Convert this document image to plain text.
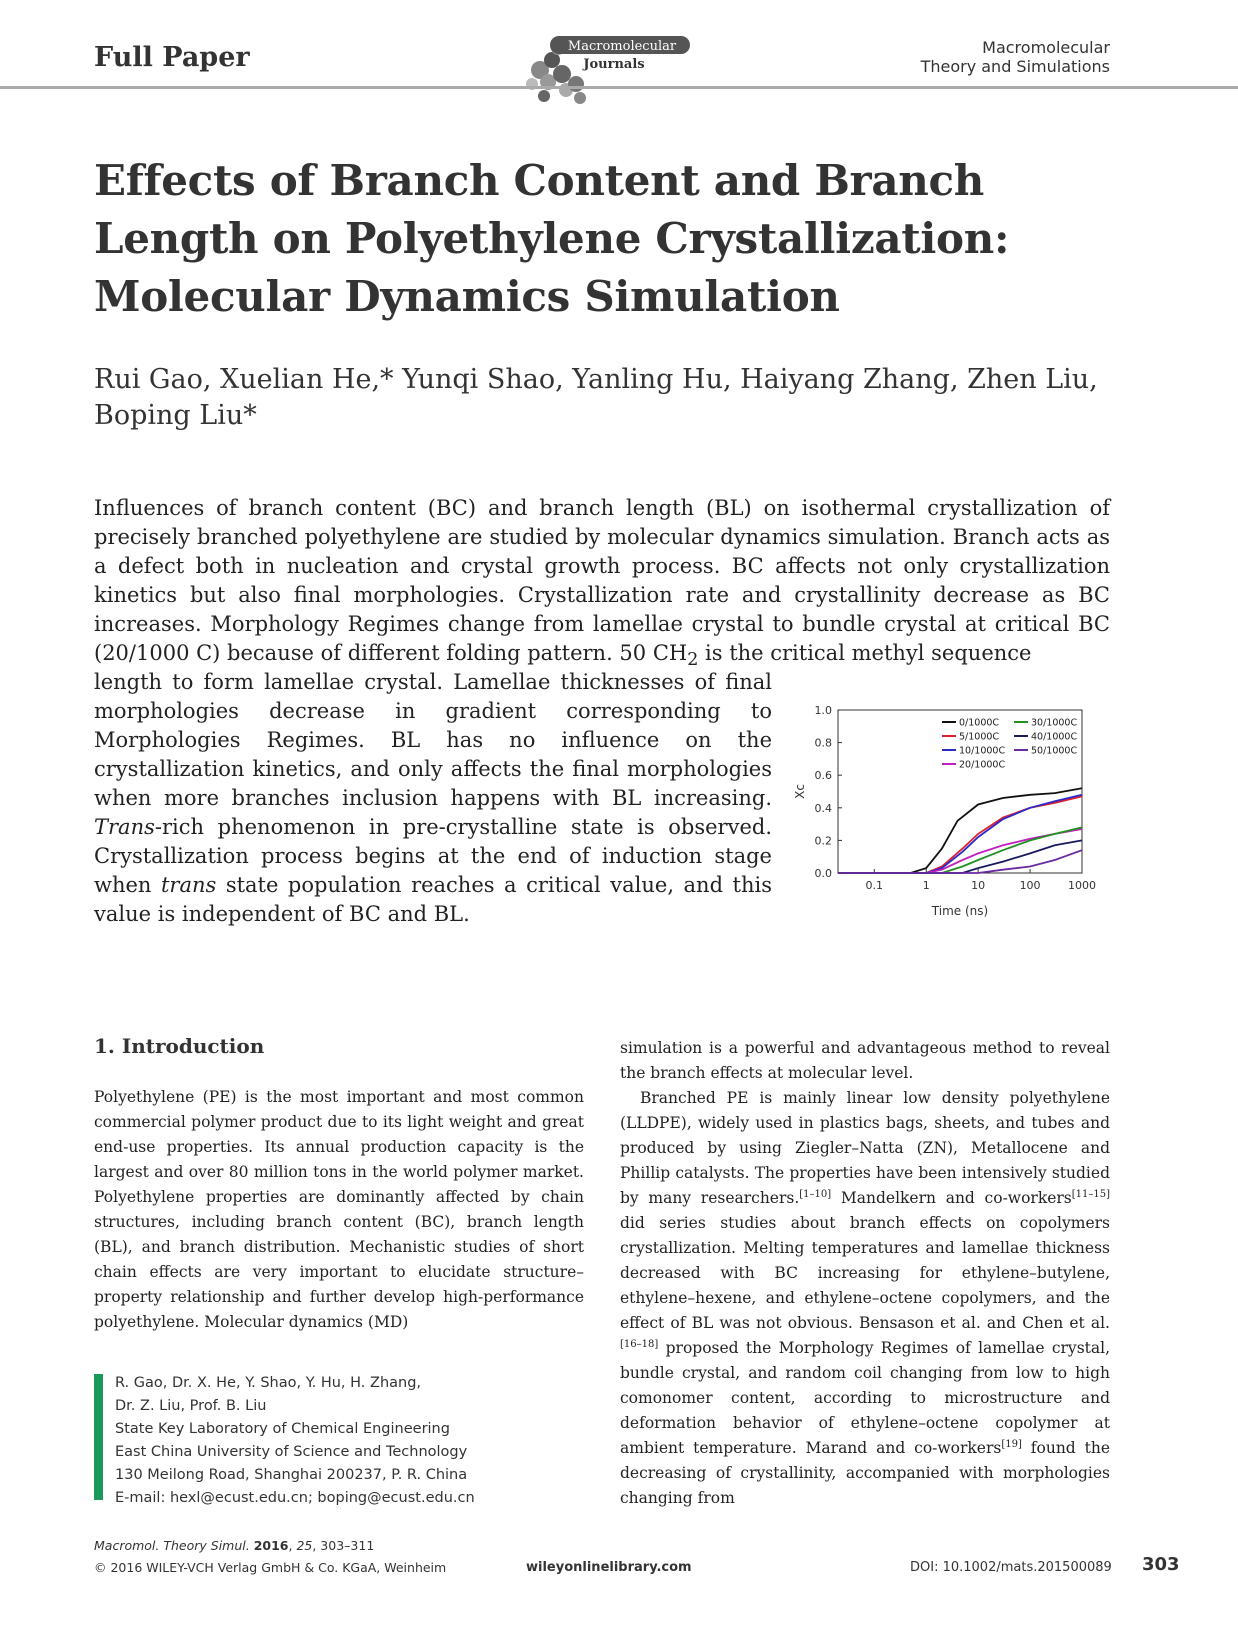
Full Paper	Macromolecular
Journals
Macromolecular
Theory and Simulations
Effects of Branch Content and Branch Length on Polyethylene Crystallization: Molecular Dynamics Simulation
Rui Gao, Xuelian He,* Yunqi Shao, Yanling Hu, Haiyang Zhang, Zhen Liu, Boping Liu*
Influences of branch content (BC) and branch length (BL) on isothermal crystallization of precisely branched polyethylene are studied by molecular dynamics simulation. Branch acts as a defect both in nucleation and crystal growth process. BC affects not only crystallization kinetics but also final morphologies. Crystallization rate and crystallinity decrease as BC increases. Morphology Regimes change from lamellae crystal to bundle crystal at critical BC (20/1000 C) because of different folding pattern. 50 $CH_2$ is the critical methyl sequence
length to form lamellae crystal. Lamellae thicknesses of final morphologies decrease in gradient corresponding to Morphologies Regimes. BL has no influence on the crystallization kinetics, and only affects the final morphologies when more branches inclusion happens with BL increasing. Trans-rich phenomenon in pre-crystalline state is observed. Crystallization process begins at the end of induction stage when trans state population reaches a critical value, and this value is independent of BC and BL.
0.0
0.2
0.4
0.6
0.8
1.0
0.1	1	10	100 1000
Time (ns)
Xc
0/1000C
5/1000C
10/1000C
20/1000C
30/1000C
40/1000C
50/1000C
1. Introduction

Polyethylene (PE) is the most important and most common commercial polymer product due to its light weight and great end-use properties. Its annual production capacity is the largest and over 80 million tons in the world polymer market. Polyethylene properties are dominantly affected by chain structures, including branch content (BC), branch length (BL), and branch distribution. Mechanistic studies of short chain effects are very important to elucidate structure–property relationship and further develop high-performance polyethylene. Molecular dynamics (MD)

simulation is a powerful and advantageous method to reveal the branch effects at molecular level.

Branched PE is mainly linear low density polyethylene (LLDPE), widely used in plastics bags, sheets, and tubes and produced by using Ziegler–Natta (ZN), Metallocene and Phillip catalysts. The properties have been intensively studied by many researchers.[1–10] Mandelkern and co-workers[11–15] did series studies about branch effects on copolymers crystallization. Melting temperatures and lamellae thickness decreased with BC increasing for ethylene–butylene, ethylene–hexene, and ethylene–octene copolymers, and the effect of BL was not obvious. Bensason et al. and Chen et al.[16–18] proposed the Morphology Regimes of lamellae crystal, bundle crystal, and random coil changing from low to high comonomer content, according to microstructure and deformation behavior of ethylene–octene copolymer at ambient temperature. Marand and co-workers[19] found the decreasing of crystallinity, accompanied with morphologies changing from

R. Gao, Dr. X. He, Y. Shao, Y. Hu, H. Zhang,
Dr. Z. Liu, Prof. B. Liu
State Key Laboratory of Chemical Engineering
East China University of Science and Technology
130 Meilong Road, Shanghai 200237, P. R. China
E-mail: hexl@ecust.edu.cn; boping@ecust.edu.cn
Macromol. Theory Simul. 2016, 25, 303–311
© 2016 WILEY-VCH Verlag GmbH & Co. KGaA, Weinheim	wileyonlinelibrary.com	DOI: 10.1002/mats.201500089 303
